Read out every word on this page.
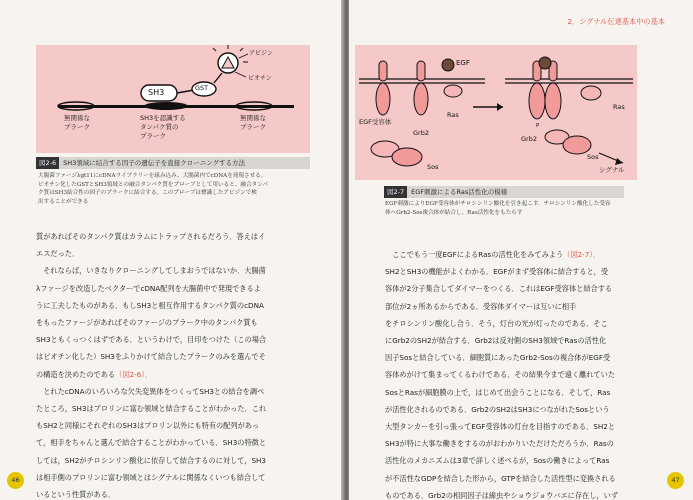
SH3	GST
アビジン
ビオチン
無関係な
プラーク
SH3を認識する
タンパク質の
プラーク
無関係な
プラーク
図2-6 SH3領域に結合する因子の遺伝子を直接クローニングする方法
大腸菌ファージλgt11にcDNAライブラリーを組み込み、大腸菌内でcDNAを発現させる。
ビオチン化したGSTとSH3領域との融合タンパク質をプローブとして用いると、融合タンパ
ク質はSH3結合性の因子のプラークに結合する。このプローブは標識したアビジンで検
出することができる
質があればそのタンパク質はカラムにトラップされるだろう．答えはイ
エスだった．
　それならば，いきなりクローニングしてしまおうではないか．大腸菌
λファージを改造したベクターでcDNA配列を大腸菌中で発現できるよ
うに工夫したものがある．もしSH3と相互作用するタンパク質のcDNA
をもったファージがあればそのファージのプラーク中のタンパク質も
SH3ともくっつくはずである．というわけで，目印をつけた（この場合
はビオチン化した）SH3をふりかけて結合したプラークのみを選んでそ
の構造を決めたのである（図2-6）．
　とれたcDNAのいろいろな欠失変異体をつくってSH3との結合を調べ
たところ，SH3はプロリンに富む領域と結合することがわかった．これ
もSH2と同様にそれぞれのSH3はプロリン以外にも特有の配列があっ
て，相手をちゃんと選んで結合することがわかっている．SH3の特徴と
しては，SH2がチロシンリン酸化に依存して結合するのに対して，SH3
は相手側のプロリンに富む領域とはシグナルに関係なくいつも結合して
いるという性質がある．
46
2．シグナル伝達基本中の基本
EGF
EGF受容体
Ras
Grb2
Sos
Ras
Grb2
Sos
シグナル
P
図2-7 EGF刺激によるRas活性化の模様
EGF刺激によりEGF受容体がチロシンリン酸化を引き起こす．チロシンリン酸化した受容
体へGrb2-Sos複合体が結合し，Ras活性化をもたらす
　ここでもう一度EGFによるRasの活性化をみてみよう（図2-7）．
SH2とSH3の機能がよくわかる．EGFがまず受容体に結合すると，受
容体が2分子集合してダイマーをつくる．これはEGF受容体と結合する
部位が2ヵ所あるからである．受容体ダイマーは互いに相手
をチロシンリン酸化し合う．そう，灯台の光が灯ったのである．そこ
にGrb2のSH2が結合する．Grb2は反対側のSH3領域でRasの活性化
因子Sosと結合している．細胞質にあったGrb2-Sosの複合体がEGF受
容体めがけて集まってくるわけである．その結果今まで遠く離れていた
SosとRasが細胞膜の上で，はじめて出会うことになる．そして，Ras
が活性化されるのである．Grb2のSH2はSH3につながれたSosという
大型タンカーを引っ張ってEGF受容体の灯台を目指すのである．SH2と
SH3が特に大事な働きをするのがおわかりいただけただろうか．Rasの
活性化のメカニズムは3章で詳しく述べるが，Sosの働きによってRas
が不活性なGDPを結合した形から，GTPを結合した活性型に変換される
ものである．Grb2の相同因子は線虫やショウジョウバエに存在し，いず
47
